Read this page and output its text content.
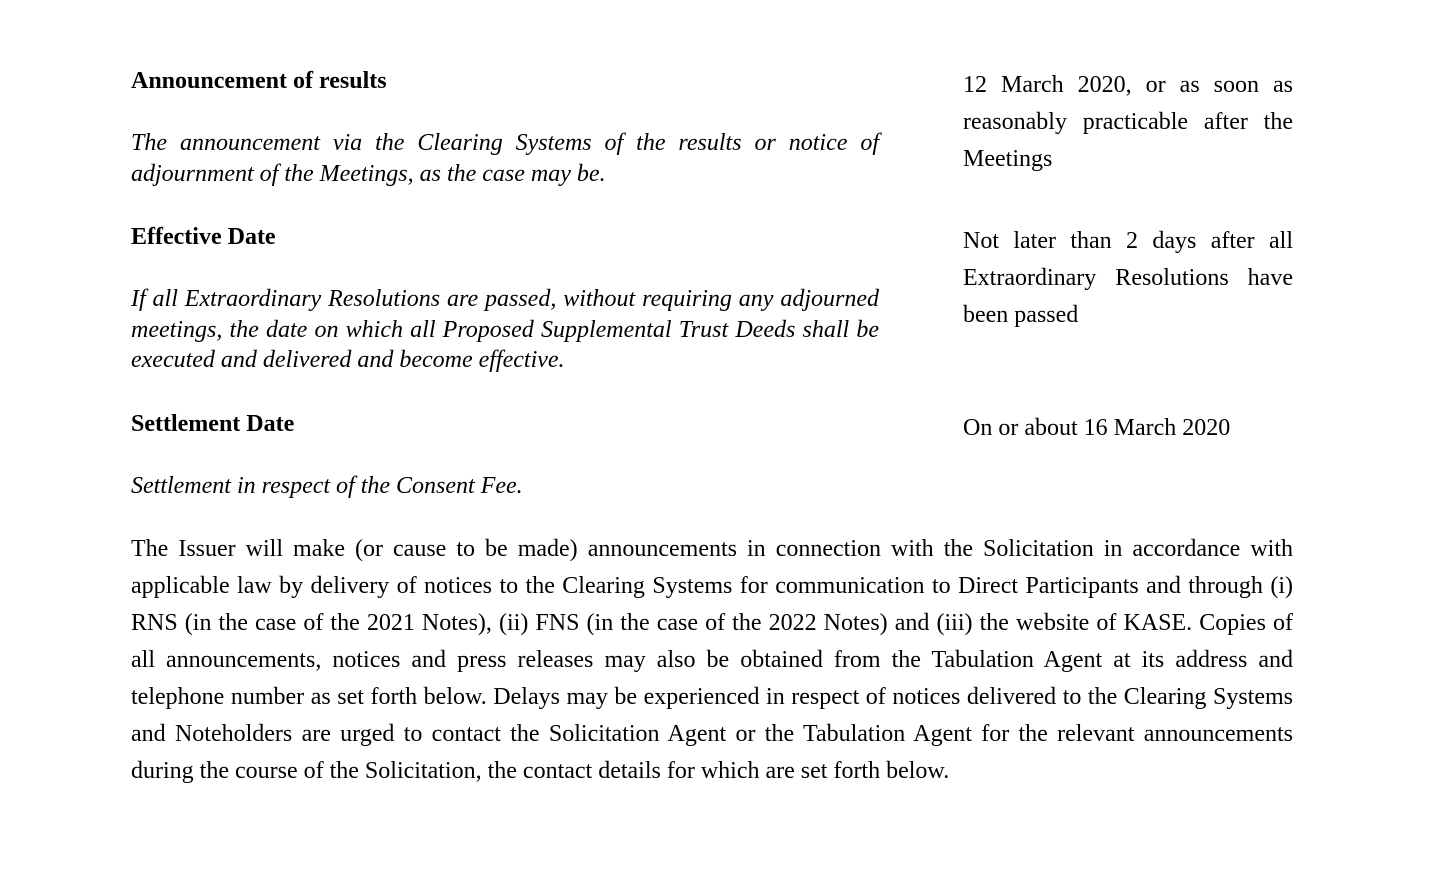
Announcement of results

The announcement via the Clearing Systems of the results or notice of adjournment of the Meetings, as the case may be.

12 March 2020, or as soon as reasonably practicable after the Meetings

Effective Date

If all Extraordinary Resolutions are passed, without requiring any adjourned meetings, the date on which all Proposed Supplemental Trust Deeds shall be executed and delivered and become effective.

Not later than 2 days after all Extraordinary Resolutions have been passed

Settlement Date

Settlement in respect of the Consent Fee.

On or about 16 March 2020

The Issuer will make (or cause to be made) announcements in connection with the Solicitation in accordance with applicable law by delivery of notices to the Clearing Systems for communication to Direct Participants and through (i) RNS (in the case of the 2021 Notes), (ii) FNS (in the case of the 2022 Notes) and (iii) the website of KASE. Copies of all announcements, notices and press releases may also be obtained from the Tabulation Agent at its address and telephone number as set forth below. Delays may be experienced in respect of notices delivered to the Clearing Systems and Noteholders are urged to contact the Solicitation Agent or the Tabulation Agent for the relevant announcements during the course of the Solicitation, the contact details for which are set forth below.
